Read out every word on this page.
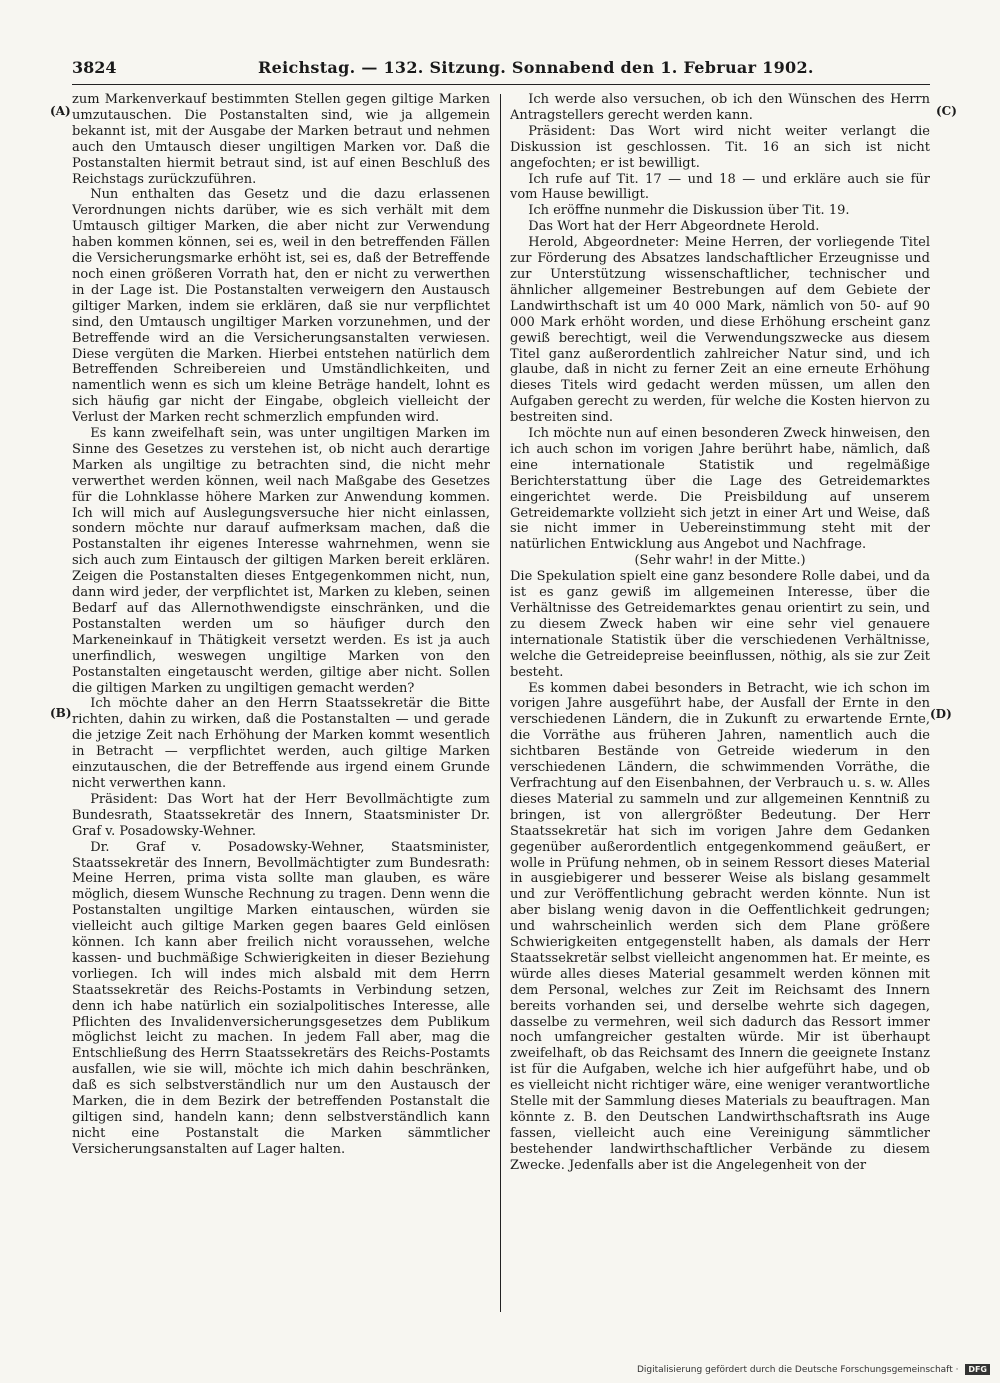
3824	Reichstag. — 132. Sitzung. Sonnabend den 1. Februar 1902.
(A)
(B)
(C)
(D)

zum Markenverkauf bestimmten Stellen gegen giltige Marken umzutauschen. Die Postanstalten sind, wie ja allgemein bekannt ist, mit der Ausgabe der Marken betraut und nehmen auch den Umtausch dieser ungiltigen Marken vor. Daß die Postanstalten hiermit betraut sind, ist auf einen Beschluß des Reichstags zurückzuführen.

Nun enthalten das Gesetz und die dazu erlassenen Verordnungen nichts darüber, wie es sich verhält mit dem Umtausch giltiger Marken, die aber nicht zur Verwendung haben kommen können, sei es, weil in den betreffenden Fällen die Versicherungsmarke erhöht ist, sei es, daß der Betreffende noch einen größeren Vorrath hat, den er nicht zu verwerthen in der Lage ist. Die Postanstalten verweigern den Austausch giltiger Marken, indem sie erklären, daß sie nur verpflichtet sind, den Umtausch ungiltiger Marken vorzunehmen, und der Betreffende wird an die Versicherungsanstalten verwiesen. Diese vergüten die Marken. Hierbei entstehen natürlich dem Betreffenden Schreibereien und Umständlichkeiten, und namentlich wenn es sich um kleine Beträge handelt, lohnt es sich häufig gar nicht der Eingabe, obgleich vielleicht der Verlust der Marken recht schmerzlich empfunden wird.

Es kann zweifelhaft sein, was unter ungiltigen Marken im Sinne des Gesetzes zu verstehen ist, ob nicht auch derartige Marken als ungiltige zu betrachten sind, die nicht mehr verwerthet werden können, weil nach Maßgabe des Gesetzes für die Lohnklasse höhere Marken zur Anwendung kommen. Ich will mich auf Auslegungsversuche hier nicht einlassen, sondern möchte nur darauf aufmerksam machen, daß die Postanstalten ihr eigenes Interesse wahrnehmen, wenn sie sich auch zum Eintausch der giltigen Marken bereit erklären. Zeigen die Postanstalten dieses Entgegenkommen nicht, nun, dann wird jeder, der verpflichtet ist, Marken zu kleben, seinen Bedarf auf das Allernothwendigste einschränken, und die Postanstalten werden um so häufiger durch den Markeneinkauf in Thätigkeit versetzt werden. Es ist ja auch unerfindlich, weswegen ungiltige Marken von den Postanstalten eingetauscht werden, giltige aber nicht. Sollen die giltigen Marken zu ungiltigen gemacht werden?

Ich möchte daher an den Herrn Staatssekretär die Bitte richten, dahin zu wirken, daß die Postanstalten — und gerade die jetzige Zeit nach Erhöhung der Marken kommt wesentlich in Betracht — verpflichtet werden, auch giltige Marken einzutauschen, die der Betreffende aus irgend einem Grunde nicht verwerthen kann.

Präsident: Das Wort hat der Herr Bevollmächtigte zum Bundesrath, Staatssekretär des Innern, Staatsminister Dr. Graf v. Posadowsky-Wehner.

Dr. Graf v. Posadowsky-Wehner, Staatsminister, Staatssekretär des Innern, Bevollmächtigter zum Bundesrath: Meine Herren, prima vista sollte man glauben, es wäre möglich, diesem Wunsche Rechnung zu tragen. Denn wenn die Postanstalten ungiltige Marken eintauschen, würden sie vielleicht auch giltige Marken gegen baares Geld einlösen können. Ich kann aber freilich nicht voraussehen, welche kassen- und buchmäßige Schwierigkeiten in dieser Beziehung vorliegen. Ich will indes mich alsbald mit dem Herrn Staatssekretär des Reichs-Postamts in Verbindung setzen, denn ich habe natürlich ein sozialpolitisches Interesse, alle Pflichten des Invalidenversicherungsgesetzes dem Publikum möglichst leicht zu machen. In jedem Fall aber, mag die Entschließung des Herrn Staatssekretärs des Reichs-Postamts ausfallen, wie sie will, möchte ich mich dahin beschränken, daß es sich selbstverständlich nur um den Austausch der Marken, die in dem Bezirk der betreffenden Postanstalt die giltigen sind, handeln kann; denn selbstverständlich kann nicht eine Postanstalt die Marken sämmtlicher Versicherungsanstalten auf Lager halten.

Ich werde also versuchen, ob ich den Wünschen des Herrn Antragstellers gerecht werden kann.

Präsident: Das Wort wird nicht weiter verlangt die Diskussion ist geschlossen. Tit. 16 an sich ist nicht angefochten; er ist bewilligt.

Ich rufe auf Tit. 17 — und 18 — und erkläre auch sie für vom Hause bewilligt.

Ich eröffne nunmehr die Diskussion über Tit. 19.

Das Wort hat der Herr Abgeordnete Herold.

Herold, Abgeordneter: Meine Herren, der vorliegende Titel zur Förderung des Absatzes landschaftlicher Erzeugnisse und zur Unterstützung wissenschaftlicher, technischer und ähnlicher allgemeiner Bestrebungen auf dem Gebiete der Landwirthschaft ist um 40 000 Mark, nämlich von 50- auf 90 000 Mark erhöht worden, und diese Erhöhung erscheint ganz gewiß berechtigt, weil die Verwendungszwecke aus diesem Titel ganz außerordentlich zahlreicher Natur sind, und ich glaube, daß in nicht zu ferner Zeit an eine erneute Erhöhung dieses Titels wird gedacht werden müssen, um allen den Aufgaben gerecht zu werden, für welche die Kosten hiervon zu bestreiten sind.

Ich möchte nun auf einen besonderen Zweck hinweisen, den ich auch schon im vorigen Jahre berührt habe, nämlich, daß eine internationale Statistik und regelmäßige Berichterstattung über die Lage des Getreidemarktes eingerichtet werde. Die Preisbildung auf unserem Getreidemarkte vollzieht sich jetzt in einer Art und Weise, daß sie nicht immer in Uebereinstimmung steht mit der natürlichen Entwicklung aus Angebot und Nachfrage.

(Sehr wahr! in der Mitte.)

Die Spekulation spielt eine ganz besondere Rolle dabei, und da ist es ganz gewiß im allgemeinen Interesse, über die Verhältnisse des Getreidemarktes genau orientirt zu sein, und zu diesem Zweck haben wir eine sehr viel genauere internationale Statistik über die verschiedenen Verhältnisse, welche die Getreidepreise beeinflussen, nöthig, als sie zur Zeit besteht.

Es kommen dabei besonders in Betracht, wie ich schon im vorigen Jahre ausgeführt habe, der Ausfall der Ernte in den verschiedenen Ländern, die in Zukunft zu erwartende Ernte, die Vorräthe aus früheren Jahren, namentlich auch die sichtbaren Bestände von Getreide wiederum in den verschiedenen Ländern, die schwimmenden Vorräthe, die Verfrachtung auf den Eisenbahnen, der Verbrauch u. s. w. Alles dieses Material zu sammeln und zur allgemeinen Kenntniß zu bringen, ist von allergrößter Bedeutung. Der Herr Staatssekretär hat sich im vorigen Jahre dem Gedanken gegenüber außerordentlich entgegenkommend geäußert, er wolle in Prüfung nehmen, ob in seinem Ressort dieses Material in ausgiebigerer und besserer Weise als bislang gesammelt und zur Veröffentlichung gebracht werden könnte. Nun ist aber bislang wenig davon in die Oeffentlichkeit gedrungen; und wahrscheinlich werden sich dem Plane größere Schwierigkeiten entgegenstellt haben, als damals der Herr Staatssekretär selbst vielleicht angenommen hat. Er meinte, es würde alles dieses Material gesammelt werden können mit dem Personal, welches zur Zeit im Reichsamt des Innern bereits vorhanden sei, und derselbe wehrte sich dagegen, dasselbe zu vermehren, weil sich dadurch das Ressort immer noch umfangreicher gestalten würde. Mir ist überhaupt zweifelhaft, ob das Reichsamt des Innern die geeignete Instanz ist für die Aufgaben, welche ich hier aufgeführt habe, und ob es vielleicht nicht richtiger wäre, eine weniger verantwortliche Stelle mit der Sammlung dieses Materials zu beauftragen. Man könnte z. B. den Deutschen Landwirthschaftsrath ins Auge fassen, vielleicht auch eine Vereinigung sämmtlicher bestehender landwirthschaftlicher Verbände zu diesem Zwecke. Jedenfalls aber ist die Angelegenheit von der

Digitalisierung gefördert durch die Deutsche Forschungsgemeinschaft · DFG
